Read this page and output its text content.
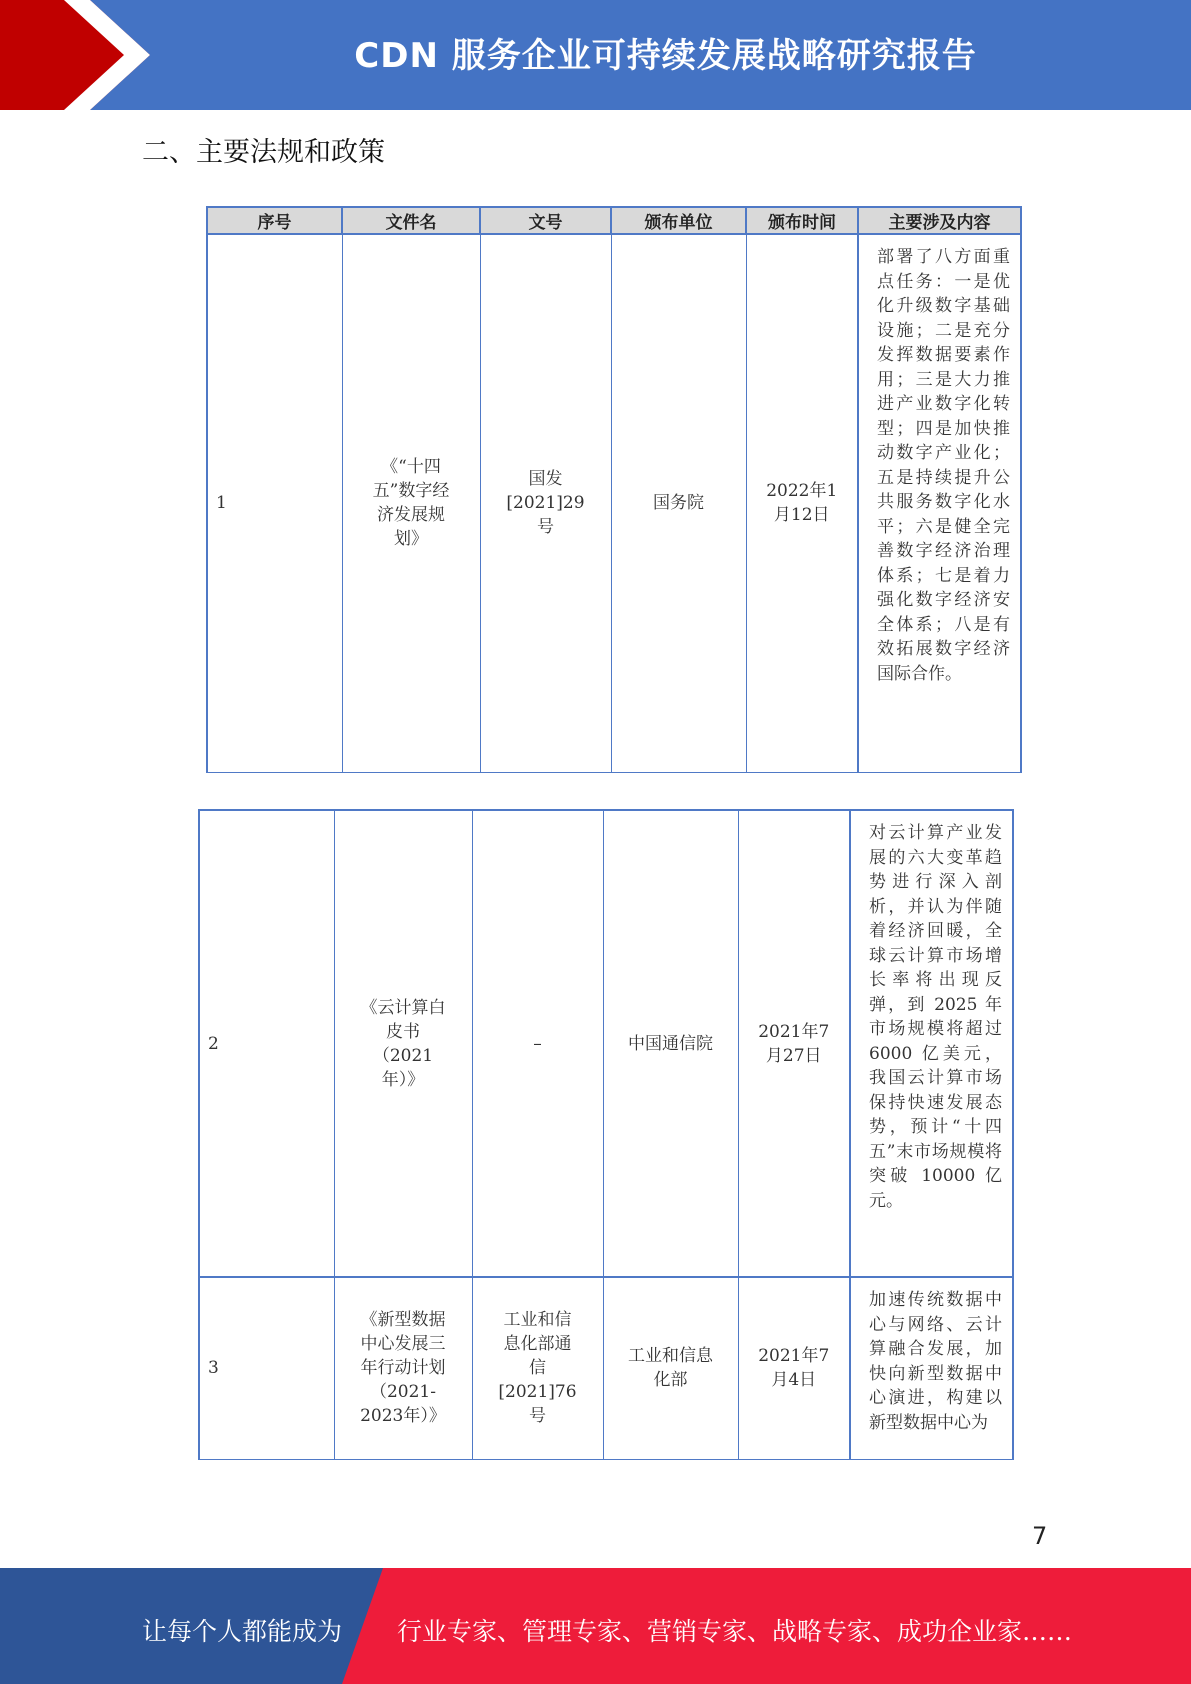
CDN 服务企业可持续发展战略研究报告
二、主要法规和政策
序号	文件名	文号	颁布单位	颁布时间	主要涉及内容
1	《“十四五”数字经济发展规划》	国发[2021]29号	国务院	2022年1月12日	部署了八方面重点任务：一是优化升级数字基础设施；二是充分发挥数据要素作用；三是大力推进产业数字化转型；四是加快推动数字产业化；五是持续提升公共服务数字化水平；六是健全完善数字经济治理体系；七是着力强化数字经济安全体系；八是有效拓展数字经济国际合作。
2	《云计算白皮书（2021年）》	–	中国通信院	2021年7月27日	对云计算产业发展的六大变革趋势进行深入剖析，并认为伴随着经济回暖，全球云计算市场增长率将出现反弹，到 2025 年市场规模将超过 6000 亿美元，我国云计算市场保持快速发展态势，预计“十四五”末市场规模将突破 10000 亿元。
3	《新型数据中心发展三年行动计划（2021-2023年）》	工业和信息化部通信[2021]76号	工业和信息化部	2021年7月4日	加速传统数据中心与网络、云计算融合发展，加快向新型数据中心演进，构建以新型数据中心为
7
让每个人都能成为 行业专家、管理专家、营销专家、战略专家、成功企业家……
